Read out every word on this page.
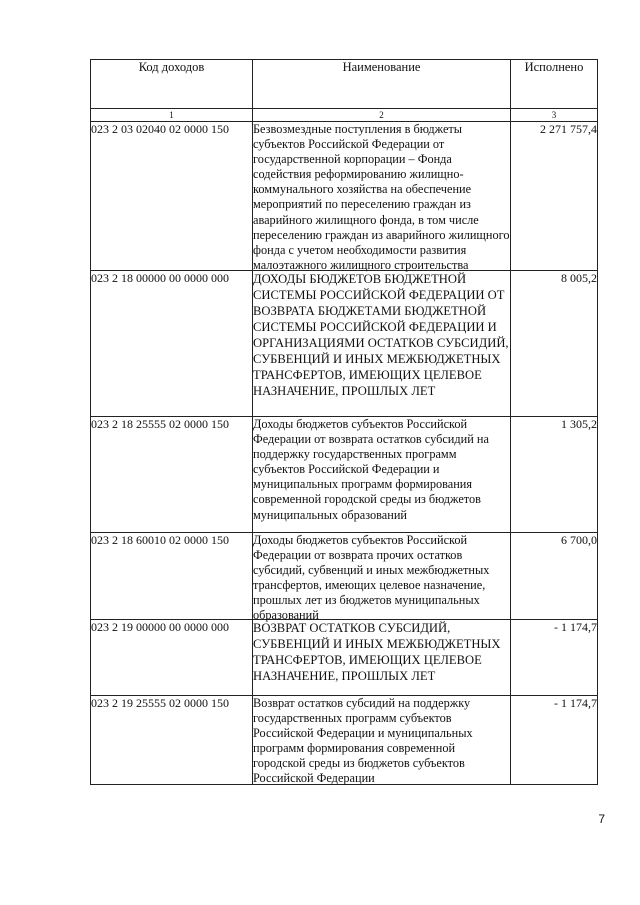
Код доходов	Наименование	Исполнено
1	2	3
023 2 03 02040 02 0000 150	Безвозмездные поступления в бюджеты субъектов Российской Федерации от государственной корпорации – Фонда содействия реформированию жилищно-коммунального хозяйства на обеспечение мероприятий по переселению граждан из аварийного жилищного фонда, в том числе переселению граждан из аварийного жилищного фонда с учетом необходимости развития малоэтажного жилищного строительства	2 271 757,4
023 2 18 00000 00 0000 000	ДОХОДЫ БЮДЖЕТОВ БЮДЖЕТНОЙ СИСТЕМЫ РОССИЙСКОЙ ФЕДЕРАЦИИ ОТ ВОЗВРАТА БЮДЖЕТАМИ БЮДЖЕТНОЙ СИСТЕМЫ РОССИЙСКОЙ ФЕДЕРАЦИИ И ОРГАНИЗАЦИЯМИ ОСТАТКОВ СУБСИДИЙ, СУБВЕНЦИЙ И ИНЫХ МЕЖБЮДЖЕТНЫХ ТРАНСФЕРТОВ, ИМЕЮЩИХ ЦЕЛЕВОЕ НАЗНАЧЕНИЕ, ПРОШЛЫХ ЛЕТ	8 005,2
023 2 18 25555 02 0000 150	Доходы бюджетов субъектов Российской Федерации от возврата остатков субсидий на поддержку государственных программ субъектов Российской Федерации и муниципальных программ формирования современной городской среды из бюджетов муниципальных образований	1 305,2
023 2 18 60010 02 0000 150	Доходы бюджетов субъектов Российской Федерации от возврата прочих остатков субсидий, субвенций и иных межбюджетных трансфертов, имеющих целевое назначение, прошлых лет из бюджетов муниципальных образований	6 700,0
023 2 19 00000 00 0000 000	ВОЗВРАТ ОСТАТКОВ СУБСИДИЙ, СУБВЕНЦИЙ И ИНЫХ МЕЖБЮДЖЕТНЫХ ТРАНСФЕРТОВ, ИМЕЮЩИХ ЦЕЛЕВОЕ НАЗНАЧЕНИЕ, ПРОШЛЫХ ЛЕТ	- 1 174,7
023 2 19 25555 02 0000 150	Возврат остатков субсидий на поддержку государственных программ субъектов Российской Федерации и муниципальных программ формирования современной городской среды из бюджетов субъектов Российской Федерации	- 1 174,7
7
